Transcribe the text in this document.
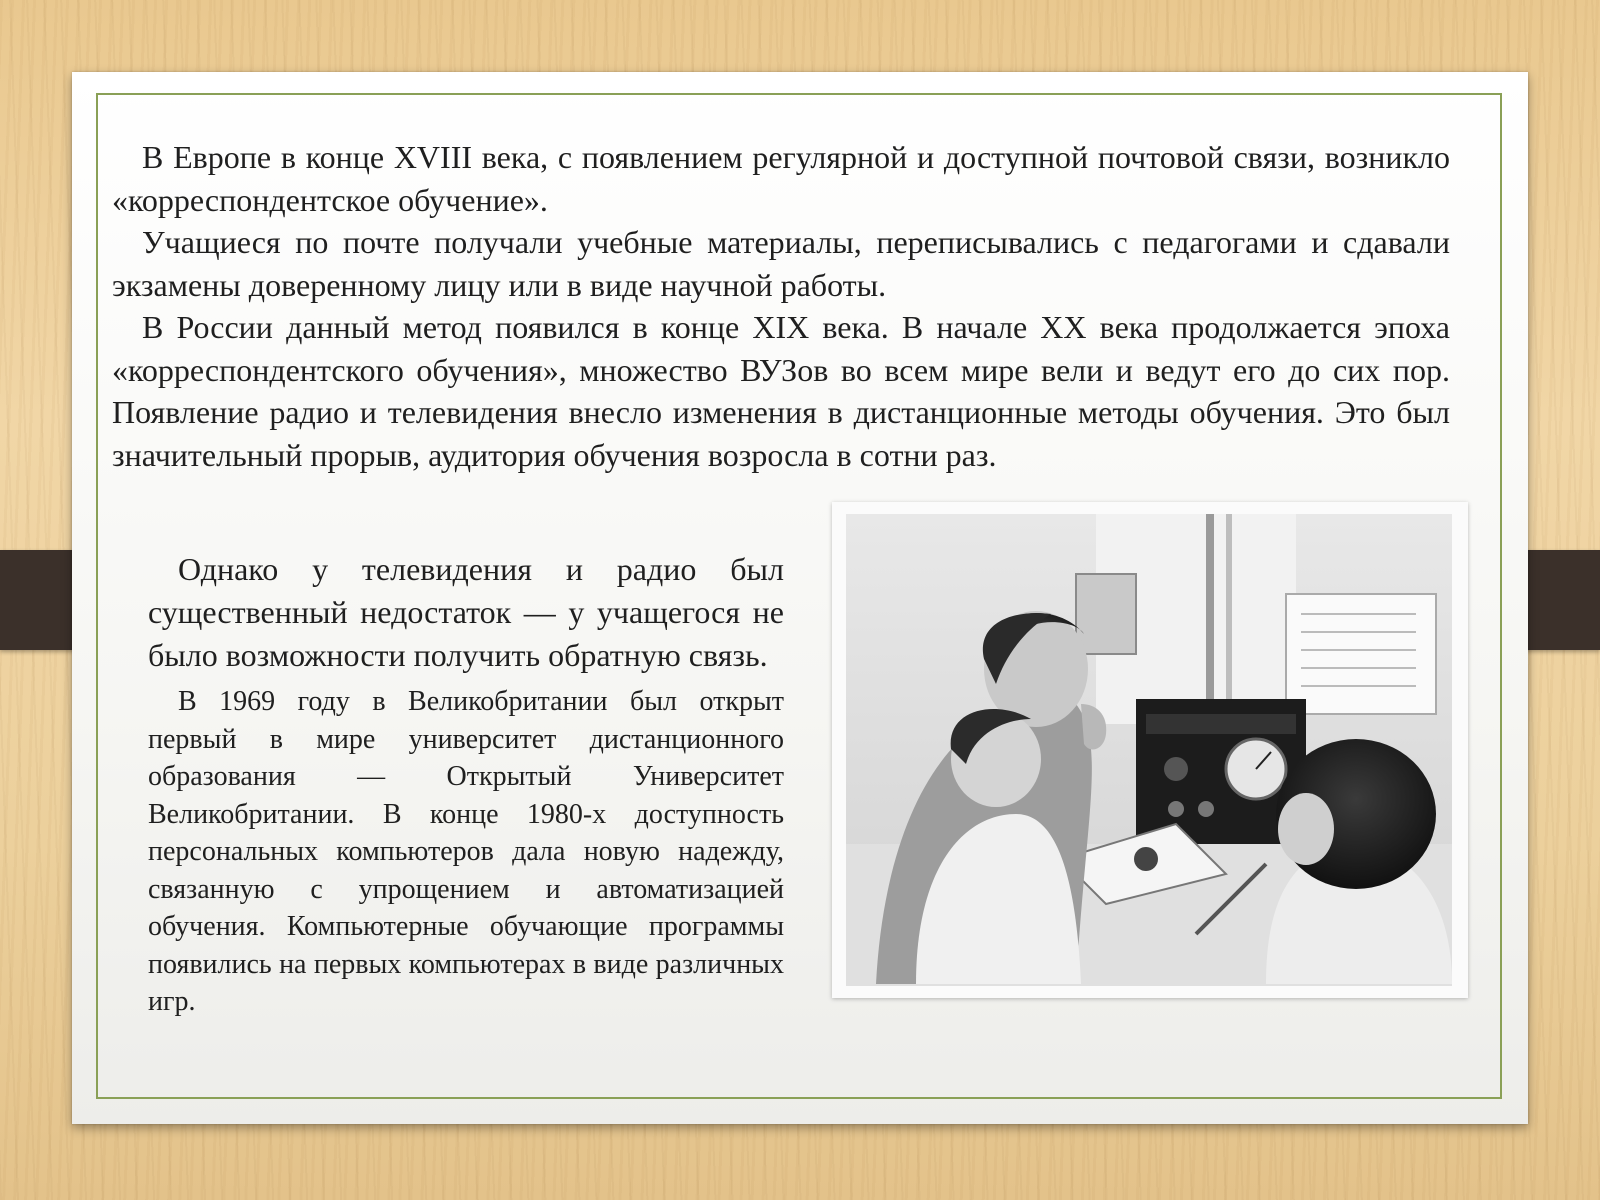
В Европе в конце XVIII века, с появлением регулярной и доступной почтовой связи, возникло «корреспондентское обучение».

Учащиеся по почте получали учебные материалы, переписывались с педагогами и сдавали экзамены доверенному лицу или в виде научной работы.

В России данный метод появился в конце XIX века. В начале XX века продолжается эпоха «корреспондентского обучения», множество ВУЗов во всем мире вели и ведут его до сих пор. Появление радио и телевидения внесло изменения в дистанционные методы обучения. Это был значительный прорыв, аудитория обучения возросла в сотни раз.

Однако у телевидения и радио был существенный недостаток — у учащегося не было возможности получить обратную связь.

В 1969 году в Великобритании был открыт первый в мире университет дистанционного образования — Открытый Университет Великобритании. В конце 1980-х доступность персональных компьютеров дала новую надежду, связанную с упрощением и автоматизацией обучения. Компьютерные обучающие программы появились на первых компьютерах в виде различных игр.
